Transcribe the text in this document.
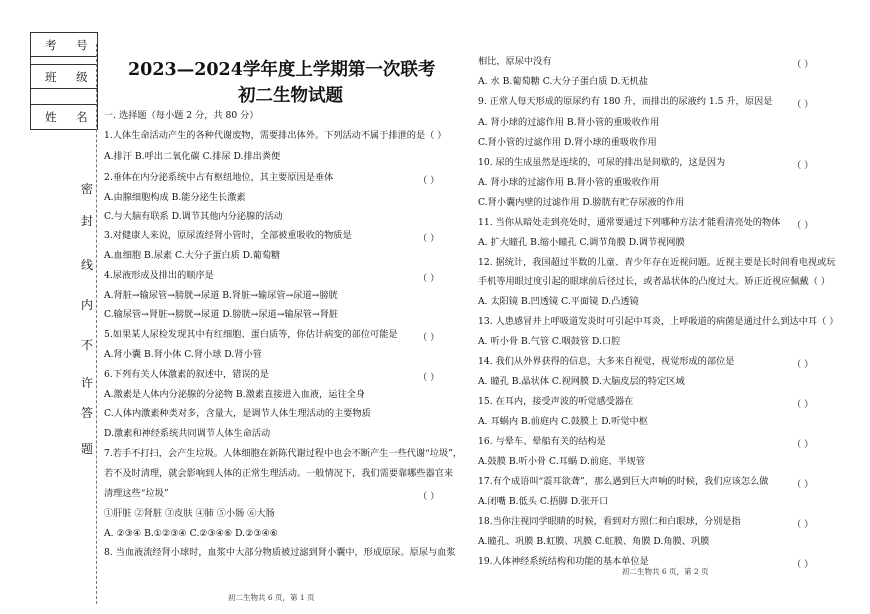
考 号
班 级
姓 名
密
封
线
内
不
许
答
题
2023—2024学年度上学期第一次联考
初二生物试题
一. 选择题（每小题 2 分，共 80 分）
1.人体生命活动产生的各种代谢废物，需要排出体外。下列活动不属于排泄的是（ ）
A.排汗 B.呼出二氧化碳 C.排尿 D.排出粪便
2.垂体在内分泌系统中占有枢纽地位，其主要原因是垂体	（ ）
A.由腺细胞构成 B.能分泌生长激素
C.与大脑有联系 D.调节其他内分泌腺的活动
3.对健康人来说，原尿流经肾小管时，全部被重吸收的物质是	（ ）
A.血细胞 B.尿素 C.大分子蛋白质 D.葡萄糖
4.尿液形成及排出的顺序是	（ ）
A.肾脏→输尿管→膀胱→尿道 B.肾脏→输尿管→尿道→膀胱
C.输尿管→肾脏→膀胱→尿道 D.膀胱→尿道→输尿管→肾脏
5.如果某人尿检发现其中有红细胞、蛋白质等，你估计病变的部位可能是 （ ）
A.肾小囊 B.肾小体 C.肾小球 D.肾小管
6.下列有关人体激素的叙述中，错误的是	（ ）
A.激素是人体内分泌腺的分泌物 B.激素直接进入血液，运往全身
C.人体内激素种类对多，含量大，是调节人体生理活动的主要物质
D.激素和神经系统共同调节人体生命活动
7.若手不打扫，会产生垃圾。人体细胞在新陈代谢过程中也会不断产生一些代谢“垃圾”，
若不及时清理，就会影响到人体的正常生理活动。一般情况下，我们需要靠哪些器官来
清理这些“垃圾”	（ ）
①肝脏 ②肾脏 ③皮肤 ④肺 ⑤小肠 ⑥大肠
A. ②③④ B.①②③④ C.②③④⑥ D.②③④⑥
8. 当血液流经肾小球时，血浆中大部分物质被过滤到肾小囊中，形成原尿。原尿与血浆
初二生物共 6 页，第 1 页
相比，原尿中没有	（ ）
A. 水 B.葡萄糖 C.大分子蛋白质 D.无机盐
9. 正常人每天形成的原尿约有 180 升，而排出的尿液约 1.5 升，原因是 （ ）
A. 肾小球的过滤作用 B.肾小管的重吸收作用
C.肾小管的过滤作用 D.肾小球的重吸收作用
10. 尿的生成虽然是连续的，可尿的排出是间歇的，这是因为	（ ）
A. 肾小球的过滤作用 B.肾小管的重吸收作用
C.肾小囊内壁的过滤作用 D.膀胱有贮存尿液的作用
11. 当你从暗处走到亮处时，通常要通过下列哪种方法才能看清亮处的物体 （ ）
A. 扩大瞳孔 B.缩小瞳孔 C.调节角膜 D.调节视网膜
12. 据统计，我国超过半数的儿童、青少年存在近视问题。近视主要是长时间看电视或玩
手机等用眼过度引起的眼球前后径过长，或者晶状体的凸度过大。矫正近视应佩戴（ ）
A. 太阳镜 B.凹透镜 C.平面镜 D.凸透镜
13. 人患感冒并上呼吸道发炎时可引起中耳炎，上呼吸道的病菌是通过什么到达中耳（ ）
A. 听小骨 B.气管 C.咽鼓管 D.口腔
14. 我们从外界获得的信息，大多来自视觉，视觉形成的部位是	（ ）
A. 瞳孔 B.晶状体 C.视网膜 D.大脑皮层的特定区域
15. 在耳内，接受声波的听觉感受器在	（ ）
A. 耳蜗内 B.前庭内 C.鼓膜上 D.听觉中枢
16. 与晕车、晕船有关的结构是	（ ）
A.鼓膜 B.听小骨 C.耳蜗 D.前庭、半规管
17.有个成语叫“震耳欲聋”，那么遇到巨大声响的时候，我们应该怎么做	（ ）
A.闭嘴 B.低头 C.捂脚 D.张开口
18.当你注视同学眼睛的时候，看到对方照仁和白眼球，分别是指	（ ）
A.瞳孔、巩膜 B.虹膜、巩膜 C.虹膜、角膜 D.角膜、巩膜
19.人体神经系统结构和功能的基本单位是	（ ）
初二生物共 6 页，第 2 页
